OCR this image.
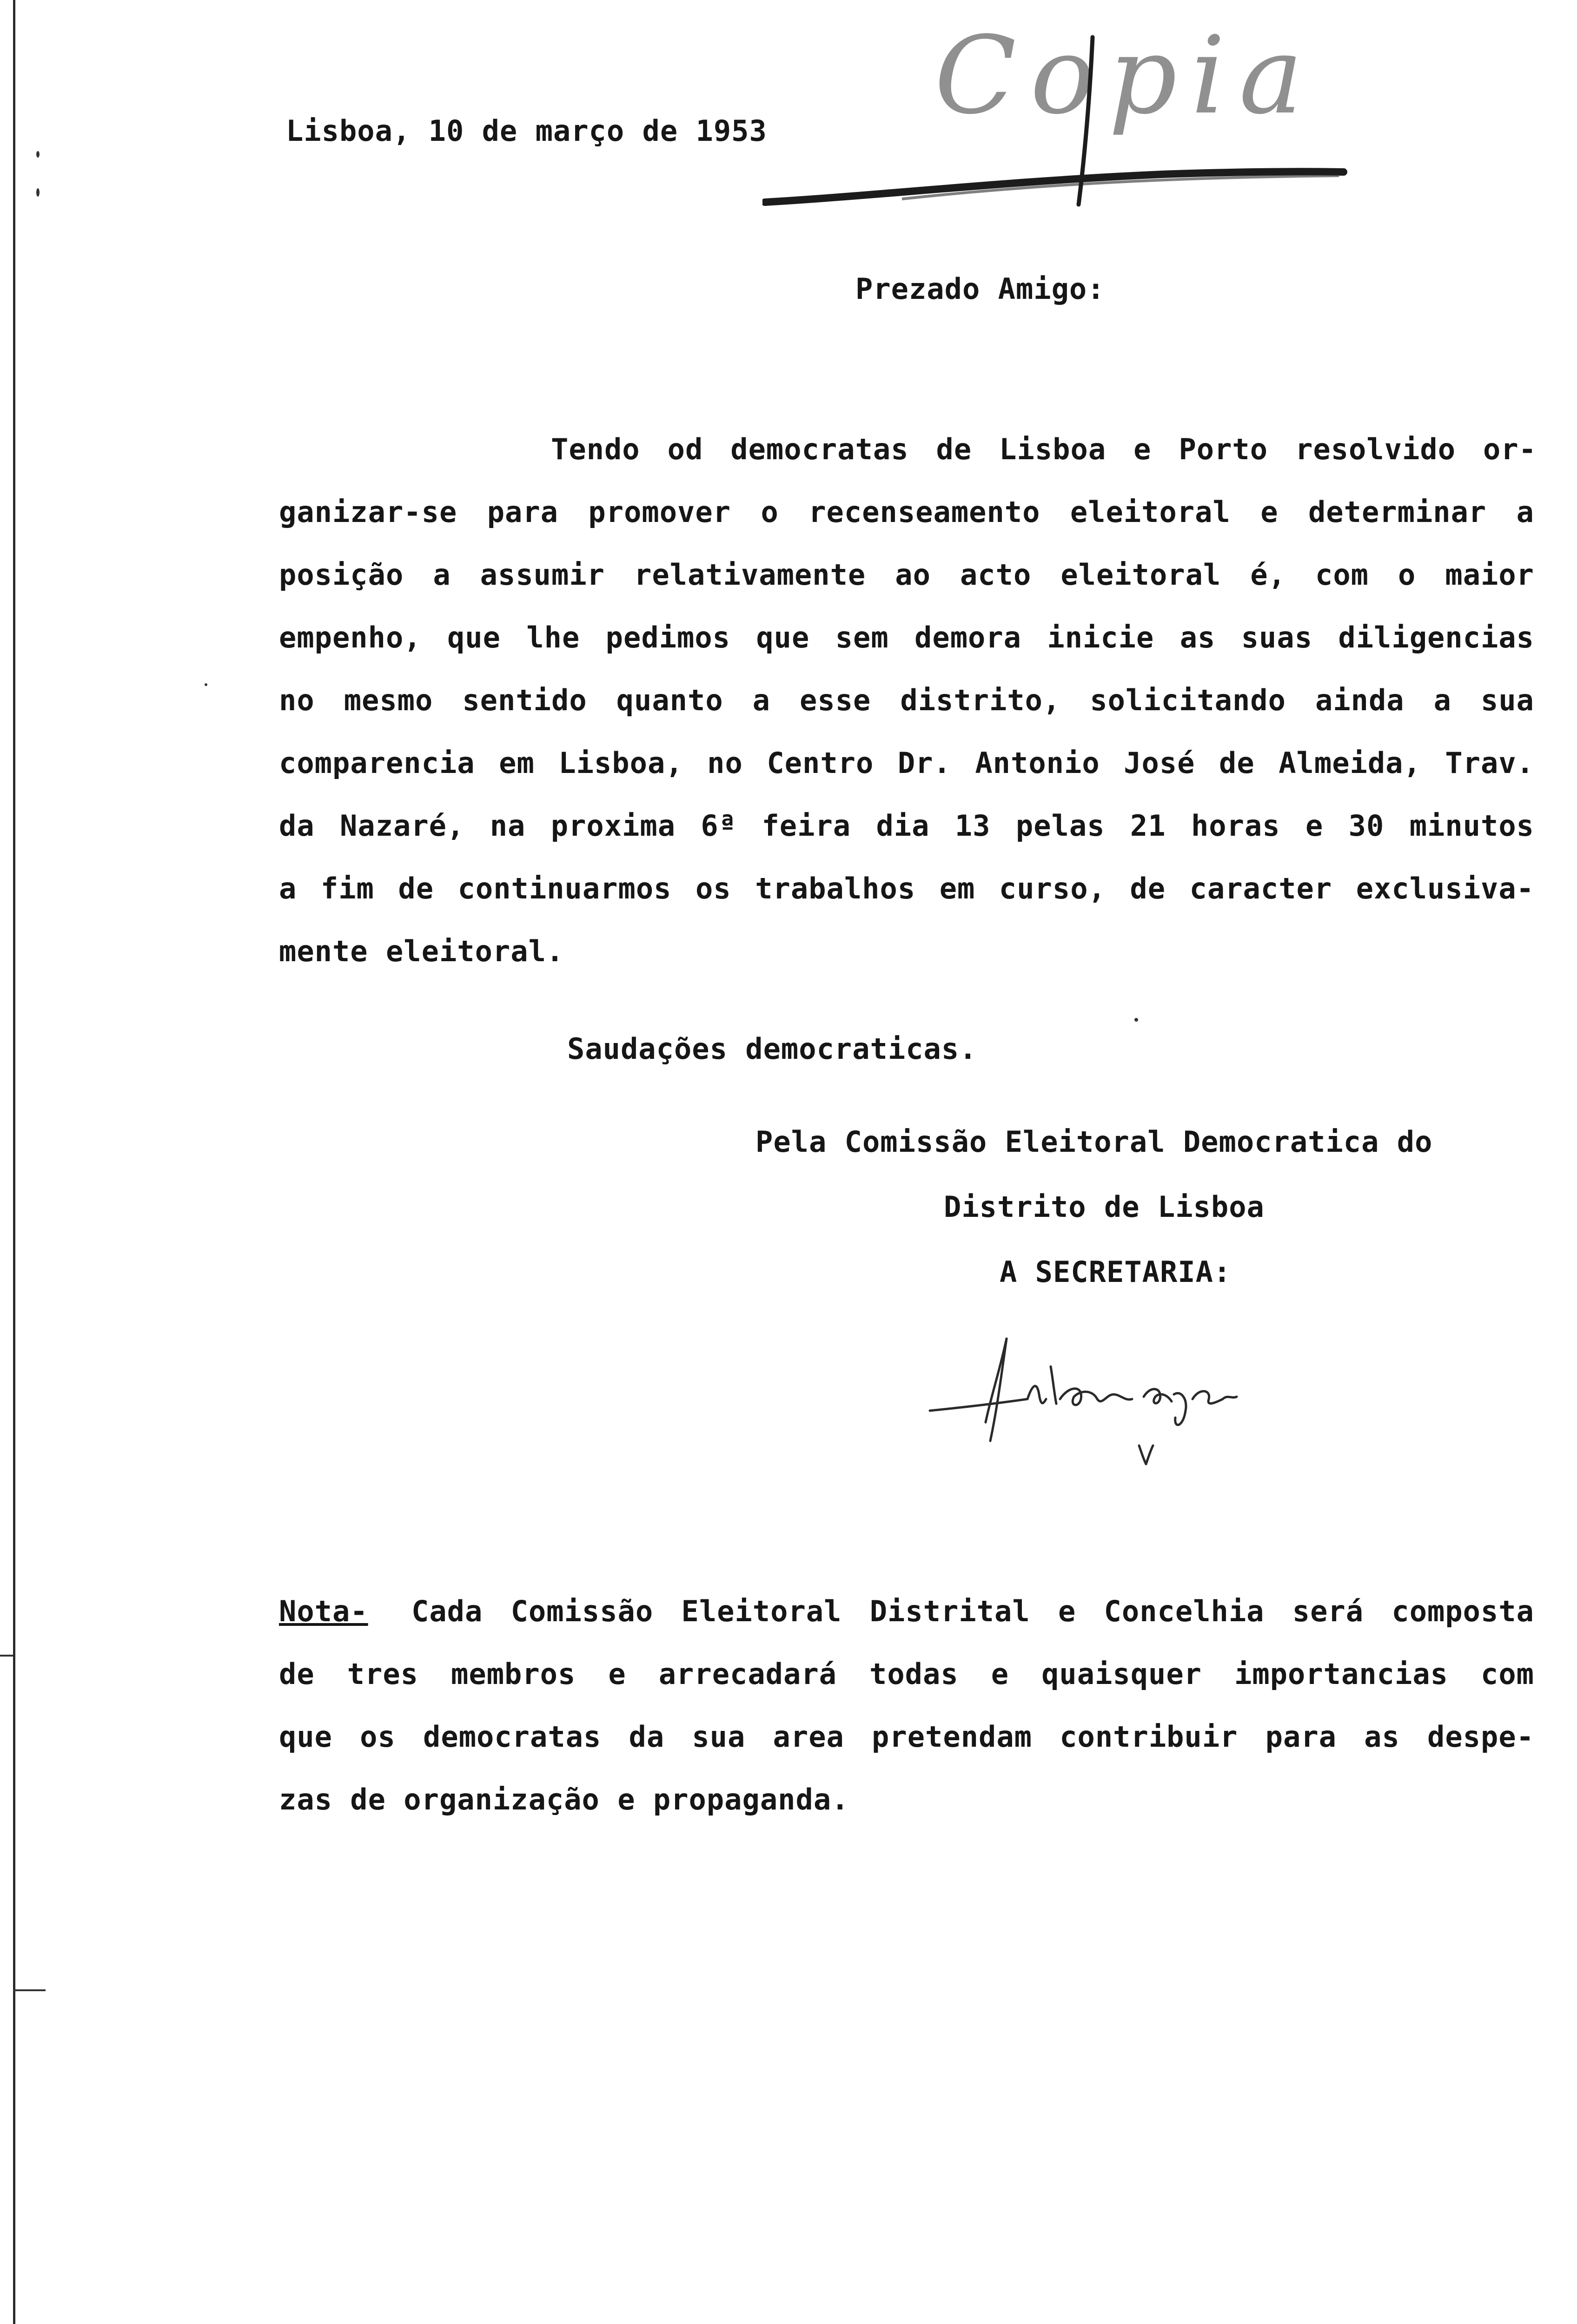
Copia
Lisboa, 10 de março de 1953
Prezado Amigo:
Tendo od democratas de Lisboa e Porto resolvido or-
ganizar-se para promover o recenseamento eleitoral e determinar a
posição a assumir relativamente ao acto eleitoral é, com o maior
empenho, que lhe pedimos que sem demora inicie as suas diligencias
no mesmo sentido quanto a esse distrito, solicitando ainda a sua
comparencia em Lisboa, no Centro Dr. Antonio José de Almeida, Trav.
da Nazaré, na proxima 6ª feira dia 13 pelas 21 horas e 30 minutos
a fim de continuarmos os trabalhos em curso, de caracter exclusiva-
mente eleitoral.
Saudações democraticas.
Pela Comissão Eleitoral Democratica do
Distrito de Lisboa
A SECRETARIA:
Nota- Cada Comissão Eleitoral Distrital e Concelhia será composta
de tres membros e arrecadará todas e quaisquer importancias com
que os democratas da sua area pretendam contribuir para as despe-
zas de organização e propaganda.
